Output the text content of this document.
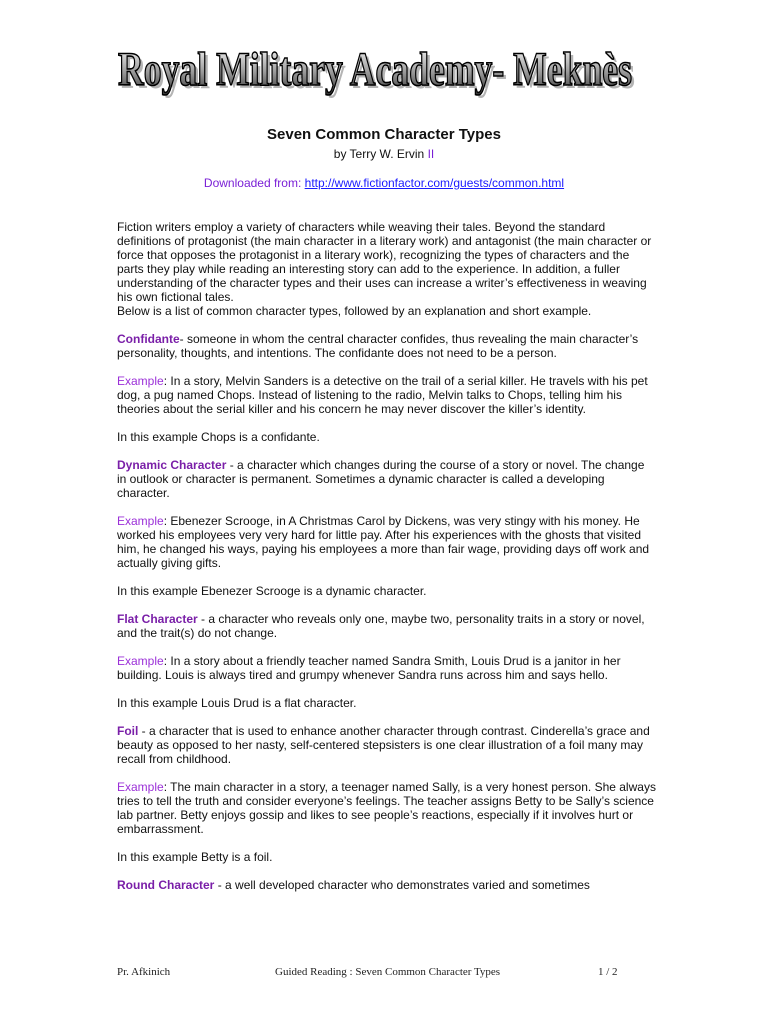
Royal Military Academy- Meknès
Royal Military Academy- Meknès
Seven Common Character Types
by Terry W. Ervin II
Downloaded from: http://www.fictionfactor.com/guests/common.html

Fiction writers employ a variety of characters while weaving their tales. Beyond the standard definitions of protagonist (the main character in a literary work) and antagonist (the main character or force that opposes the protagonist in a literary work), recognizing the types of characters and the parts they play while reading an interesting story can add to the experience. In addition, a fuller understanding of the character types and their uses can increase a writer’s effectiveness in weaving his own fictional tales.

Below is a list of common character types, followed by an explanation and short example.

Confidante- someone in whom the central character confides, thus revealing the main character’s personality, thoughts, and intentions. The confidante does not need to be a person.

Example: In a story, Melvin Sanders is a detective on the trail of a serial killer. He travels with his pet dog, a pug named Chops. Instead of listening to the radio, Melvin talks to Chops, telling him his theories about the serial killer and his concern he may never discover the killer’s identity.

In this example Chops is a confidante.

Dynamic Character - a character which changes during the course of a story or novel. The change in outlook or character is permanent. Sometimes a dynamic character is called a developing character.

Example: Ebenezer Scrooge, in A Christmas Carol by Dickens, was very stingy with his money. He worked his employees very very hard for little pay. After his experiences with the ghosts that visited him, he changed his ways, paying his employees a more than fair wage, providing days off work and actually giving gifts.

In this example Ebenezer Scrooge is a dynamic character.

Flat Character - a character who reveals only one, maybe two, personality traits in a story or novel, and the trait(s) do not change.

Example: In a story about a friendly teacher named Sandra Smith, Louis Drud is a janitor in her building. Louis is always tired and grumpy whenever Sandra runs across him and says hello.

In this example Louis Drud is a flat character.

Foil - a character that is used to enhance another character through contrast. Cinderella’s grace and beauty as opposed to her nasty, self-centered stepsisters is one clear illustration of a foil many may recall from childhood.

Example: The main character in a story, a teenager named Sally, is a very honest person. She always tries to tell the truth and consider everyone’s feelings. The teacher assigns Betty to be Sally’s science lab partner. Betty enjoys gossip and likes to see people’s reactions, especially if it involves hurt or embarrassment.

In this example Betty is a foil.

Round Character - a well developed character who demonstrates varied and sometimes

Pr. Afkinich	Guided Reading : Seven Common Character Types	1 / 2
